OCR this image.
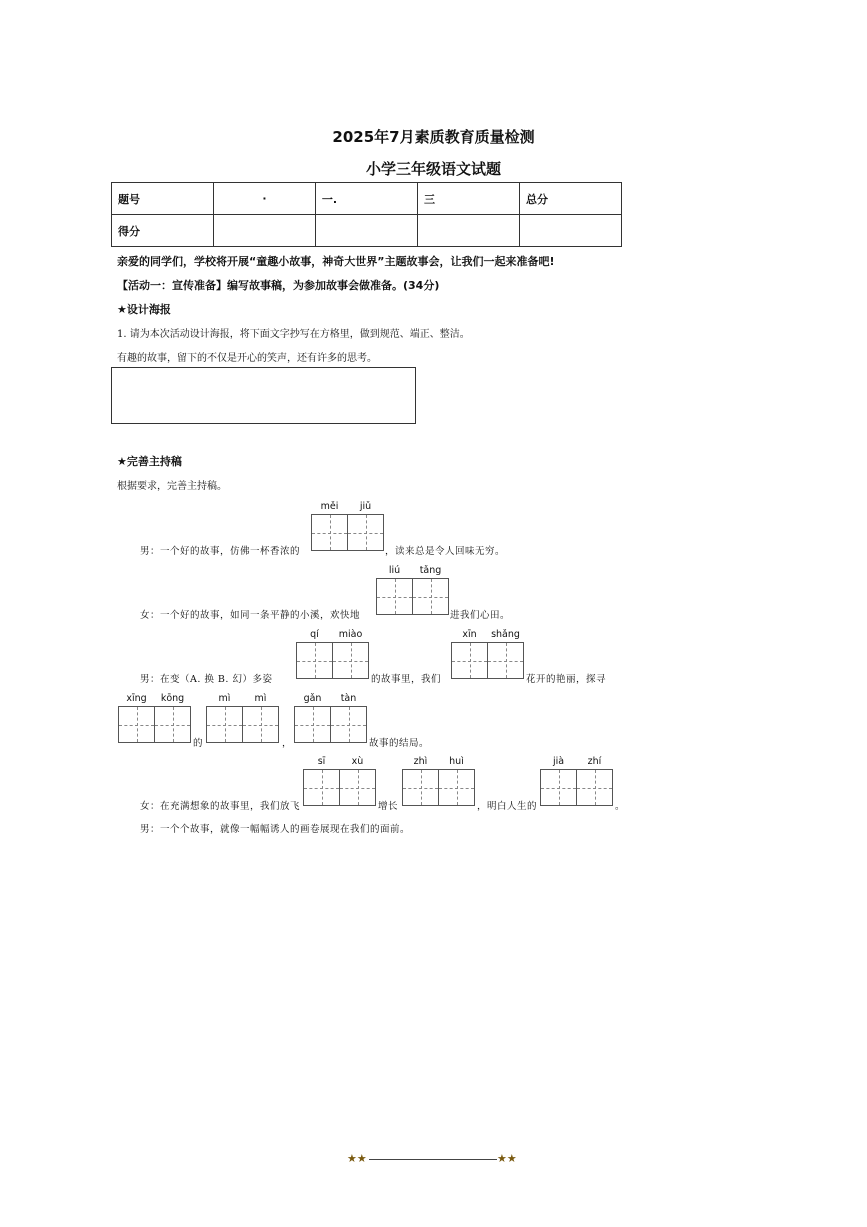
2025年7月素质教育质量检测
小学三年级语文试题
题号	·	一.	三	总分
得分				
亲爱的同学们，学校将开展“童趣小故事，神奇大世界”主题故事会，让我们一起来准备吧!
【活动一：宣传准备】编写故事稿，为参加故事会做准备。(34分)
★设计海报
1. 请为本次活动设计海报，将下面文字抄写在方格里，做到规范、端正、整洁。
有趣的故事，留下的不仅是开心的笑声，还有许多的思考。
★完善主持稿
根据要求，完善主持稿。
měi	jiǔ
男：一个好的故事，仿佛一杯香浓的	，读来总是令人回味无穷。
liú	tǎng
女：一个好的故事，如同一条平静的小溪，欢快地	进我们心田。
qí	miào	xīn	shǎng
男：在变（A. 换 B. 幻）多姿	的故事里，我们	花开的艳丽，探寻
xīng	kōng	mì	mì	gǎn	tàn
的	，	故事的结局。
sī	xù	zhì	huì	jià	zhí
女：在充满想象的故事里，我们放飞	增长	，明白人生的	。
男：一个个故事，就像一幅幅诱人的画卷展现在我们的面前。
★★	★★
